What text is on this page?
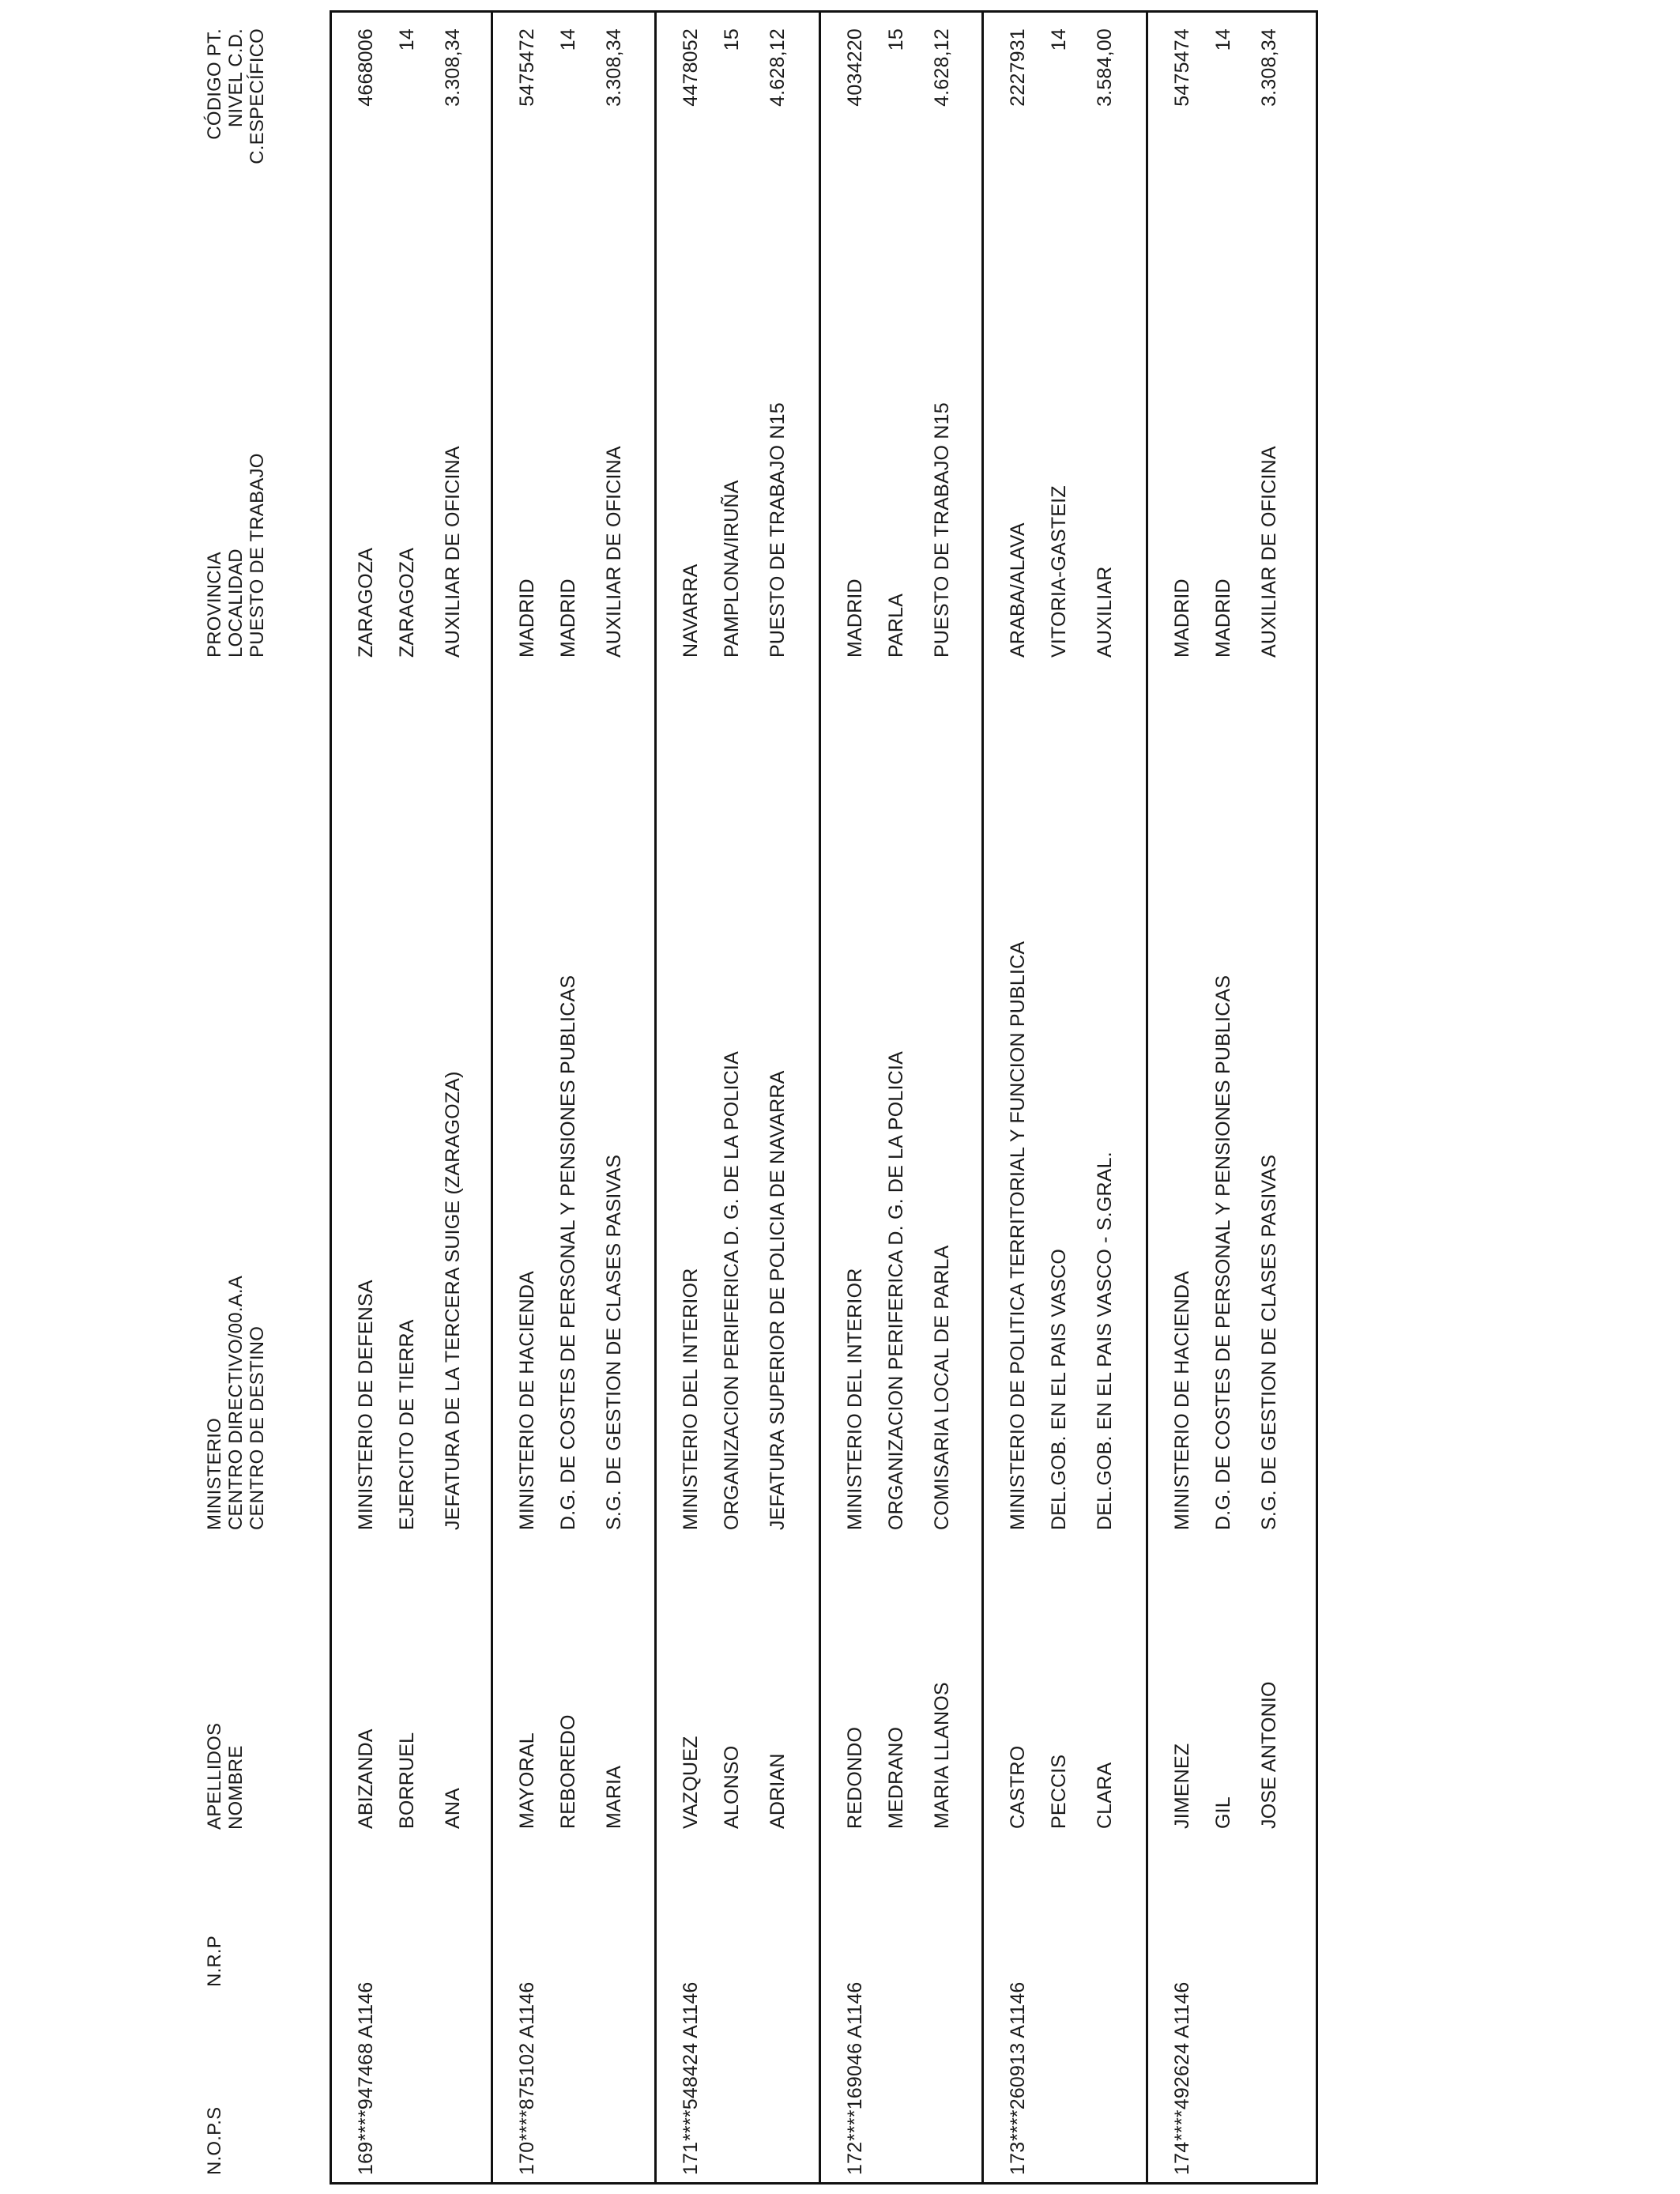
N.O.P.S
N.R.P
APELLIDOS NOMBRE
MINISTERIO CENTRO DIRECTIVO/00.A.A CENTRO DE DESTINO
PROVINCIA LOCALIDAD PUESTO DE TRABAJO
CÓDIGO PT. NIVEL C.D. C.ESPECÍFICO
169
****947468 A1146
ABIZANDA BORRUEL ANA
MINISTERIO DE DEFENSA EJERCITO DE TIERRA JEFATURA DE LA TERCERA SUIGE (ZARAGOZA)
ZARAGOZA ZARAGOZA AUXILIAR DE OFICINA
4668006 14 3.308,34
170
****875102 A1146
MAYORAL REBOREDO MARIA
MINISTERIO DE HACIENDA D.G. DE COSTES DE PERSONAL Y PENSIONES PUBLICAS S.G. DE GESTION DE CLASES PASIVAS
MADRID MADRID AUXILIAR DE OFICINA
5475472 14 3.308,34
171
****548424 A1146
VAZQUEZ ALONSO ADRIAN
MINISTERIO DEL INTERIOR ORGANIZACION PERIFERICA D. G. DE LA POLICIA JEFATURA SUPERIOR DE POLICIA DE NAVARRA
NAVARRA PAMPLONA/IRUÑA PUESTO DE TRABAJO N15
4478052 15 4.628,12
172
****169046 A1146
REDONDO MEDRANO MARIA LLANOS
MINISTERIO DEL INTERIOR ORGANIZACION PERIFERICA D. G. DE LA POLICIA COMISARIA LOCAL DE PARLA
MADRID PARLA PUESTO DE TRABAJO N15
4034220 15 4.628,12
173
****260913 A1146
CASTRO PECCIS CLARA
MINISTERIO DE POLITICA TERRITORIAL Y FUNCION PUBLICA DEL.GOB. EN EL PAIS VASCO DEL.GOB. EN EL PAIS VASCO - S.GRAL.
ARABA/ALAVA VITORIA-GASTEIZ AUXILIAR
2227931 14 3.584,00
174
****492624 A1146
JIMENEZ GIL JOSE ANTONIO
MINISTERIO DE HACIENDA D.G. DE COSTES DE PERSONAL Y PENSIONES PUBLICAS S.G. DE GESTION DE CLASES PASIVAS
MADRID MADRID AUXILIAR DE OFICINA
5475474 14 3.308,34
